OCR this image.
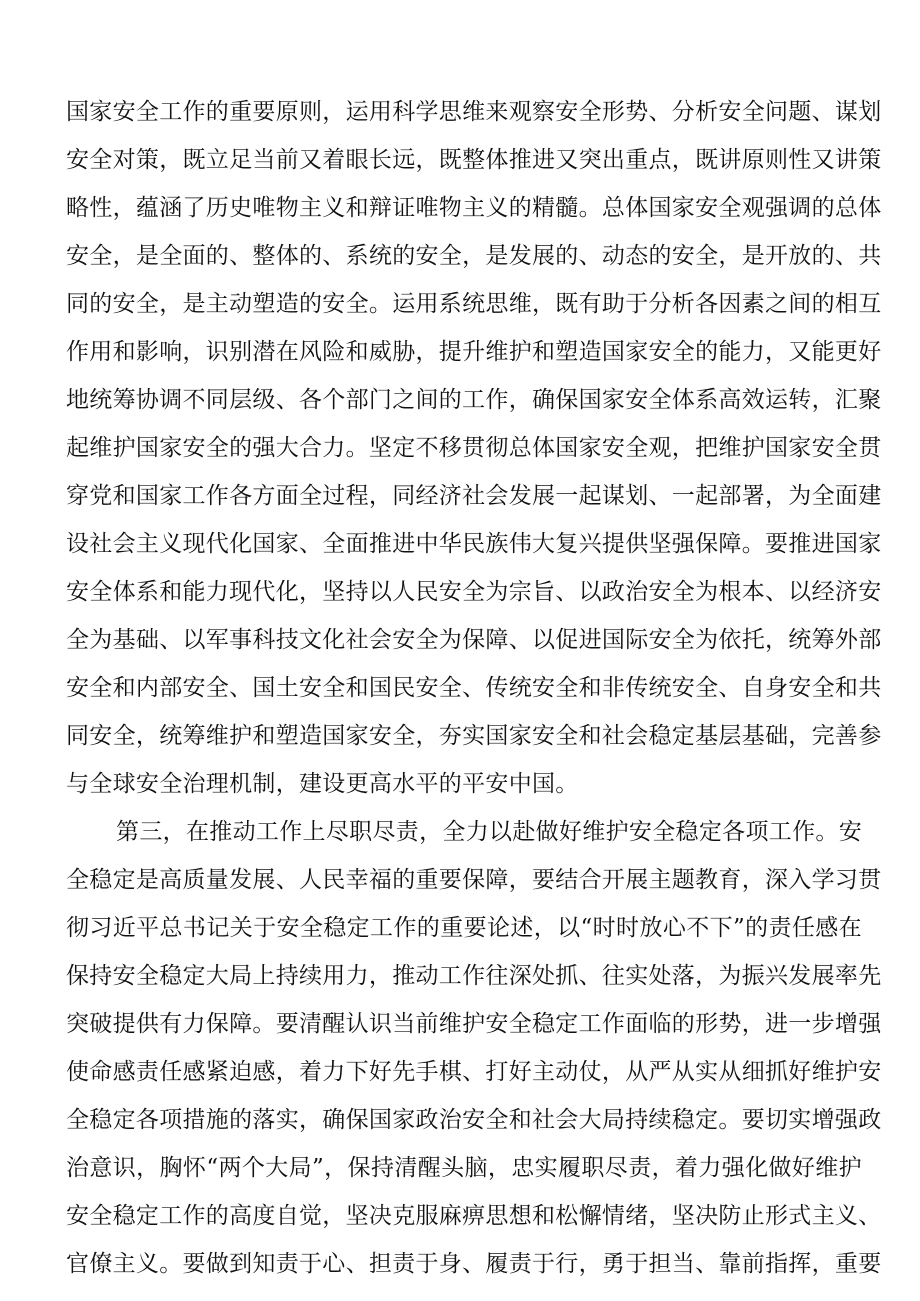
国家安全工作的重要原则，运用科学思维来观察安全形势、分析安全问题、谋划
安全对策，既立足当前又着眼长远，既整体推进又突出重点，既讲原则性又讲策
略性，蕴涵了历史唯物主义和辩证唯物主义的精髓。总体国家安全观强调的总体
安全，是全面的、整体的、系统的安全，是发展的、动态的安全，是开放的、共
同的安全，是主动塑造的安全。运用系统思维，既有助于分析各因素之间的相互
作用和影响，识别潜在风险和威胁，提升维护和塑造国家安全的能力，又能更好
地统筹协调不同层级、各个部门之间的工作，确保国家安全体系高效运转，汇聚
起维护国家安全的强大合力。坚定不移贯彻总体国家安全观，把维护国家安全贯
穿党和国家工作各方面全过程，同经济社会发展一起谋划、一起部署，为全面建
设社会主义现代化国家、全面推进中华民族伟大复兴提供坚强保障。要推进国家
安全体系和能力现代化，坚持以人民安全为宗旨、以政治安全为根本、以经济安
全为基础、以军事科技文化社会安全为保障、以促进国际安全为依托，统筹外部
安全和内部安全、国土安全和国民安全、传统安全和非传统安全、自身安全和共
同安全，统筹维护和塑造国家安全，夯实国家安全和社会稳定基层基础，完善参
与全球安全治理机制，建设更高水平的平安中国。
第三，在推动工作上尽职尽责，全力以赴做好维护安全稳定各项工作。安
全稳定是高质量发展、人民幸福的重要保障，要结合开展主题教育，深入学习贯
彻习近平总书记关于安全稳定工作的重要论述，以“时时放心不下”的责任感在
保持安全稳定大局上持续用力，推动工作往深处抓、往实处落，为振兴发展率先
突破提供有力保障。要清醒认识当前维护安全稳定工作面临的形势，进一步增强
使命感责任感紧迫感，着力下好先手棋、打好主动仗，从严从实从细抓好维护安
全稳定各项措施的落实，确保国家政治安全和社会大局持续稳定。要切实增强政
治意识，胸怀“两个大局”，保持清醒头脑，忠实履职尽责，着力强化做好维护
安全稳定工作的高度自觉，坚决克服麻痹思想和松懈情绪，坚决防止形式主义、
官僚主义。要做到知责于心、担责于身、履责于行，勇于担当、靠前指挥，重要
